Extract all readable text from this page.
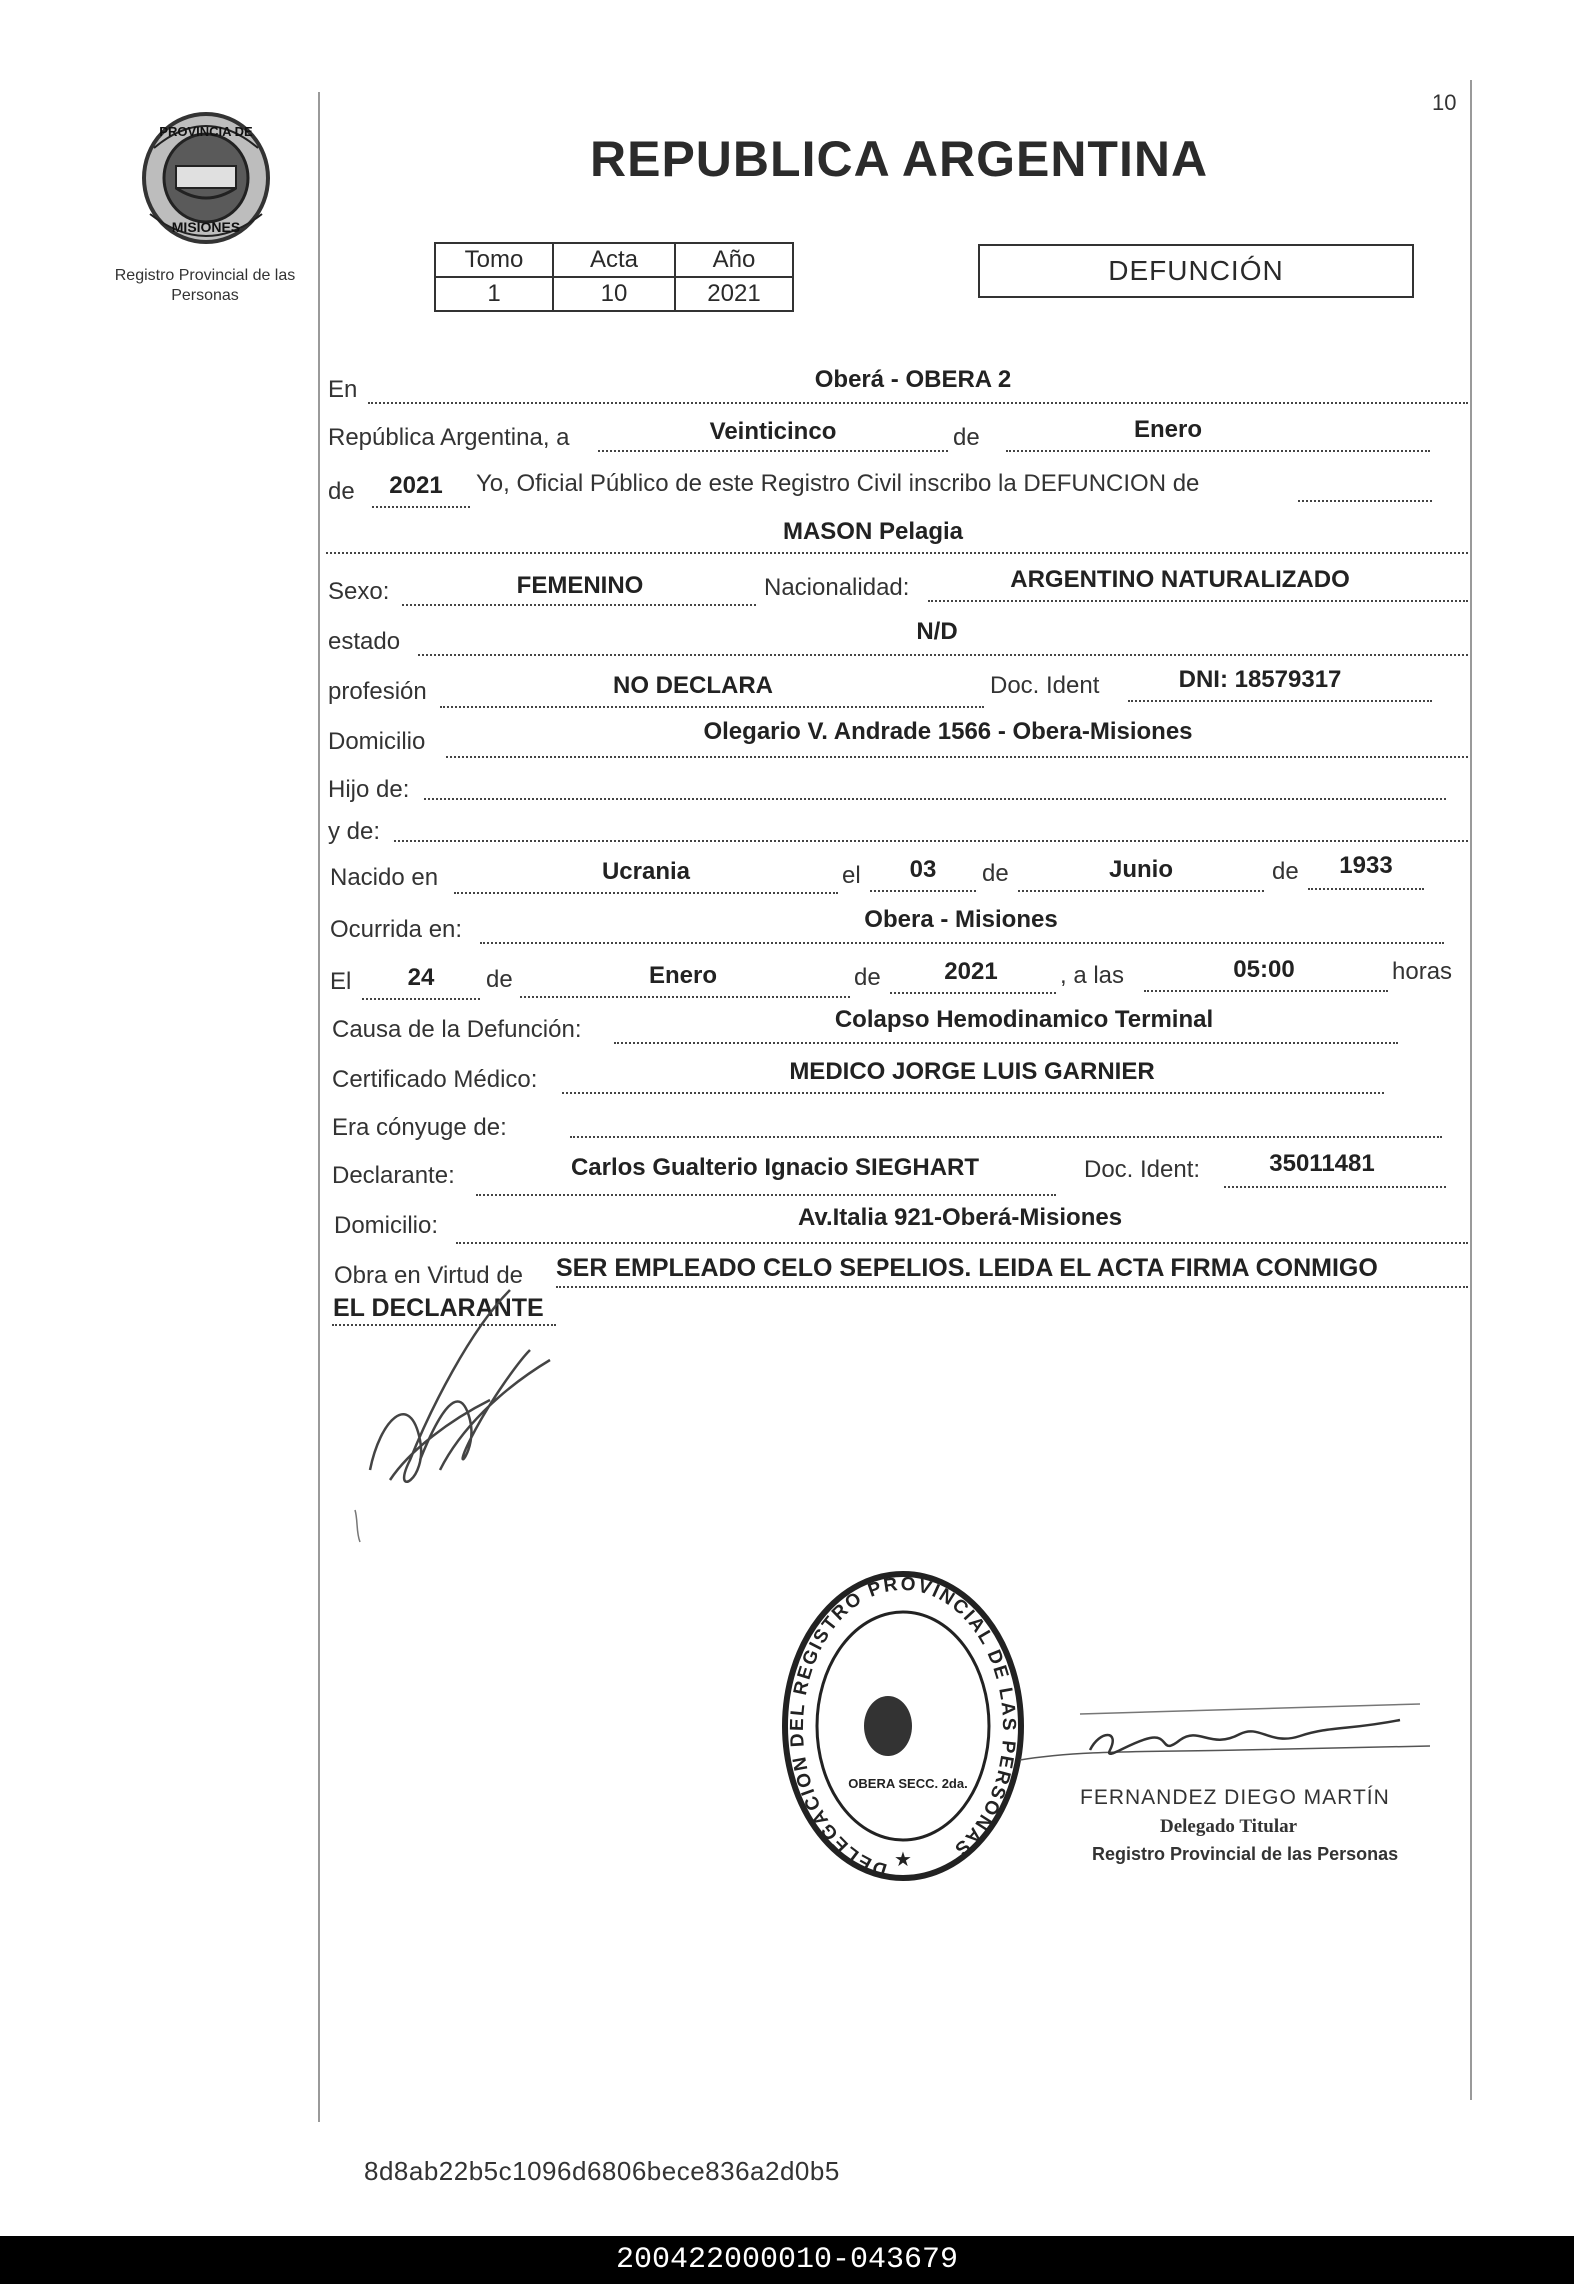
10
PROVINCIA DE
MISIONES
Registro Provincial de las Personas
REPUBLICA ARGENTINA
Tomo	Acta	Año
1	10	2021
DEFUNCIÓN
En	Oberá - OBERA 2
República Argentina, a	Veinticinco	de	Enero
de 2021 Yo, Oficial Público de este Registro Civil inscribo la DEFUNCION de
MASON Pelagia
Sexo:	FEMENINO	Nacionalidad:	ARGENTINO NATURALIZADO
estado	N/D
profesión	NO DECLARA	Doc. Ident	DNI: 18579317
Domicilio	Olegario V. Andrade 1566 - Obera-Misiones
Hijo de:
y de:
Nacido en	Ucrania	el 03 de	Junio	de 1933
Ocurrida en:	Obera - Misiones
El 24 de	Enero	de	2021	, a las	05:00	horas
Causa de la Defunción:	Colapso Hemodinamico Terminal
Certificado Médico:	MEDICO JORGE LUIS GARNIER
Era cónyuge de:
Declarante:	Carlos Gualterio Ignacio SIEGHART	Doc. Ident:	35011481
Domicilio:	Av.Italia 921-Oberá-Misiones
Obra en Virtud de SER EMPLEADO CELO SEPELIOS. LEIDA EL ACTA FIRMA CONMIGO
EL DECLARANTE
DELEGACION DEL REGISTRO PROVINCIAL DE LAS PERSONAS
OBERA SECC. 2da.
★
FERNANDEZ DIEGO MARTÍN
Delegado Titular
Registro Provincial de las Personas
8d8ab22b5c1096d6806bece836a2d0b5
200422000010-043679
